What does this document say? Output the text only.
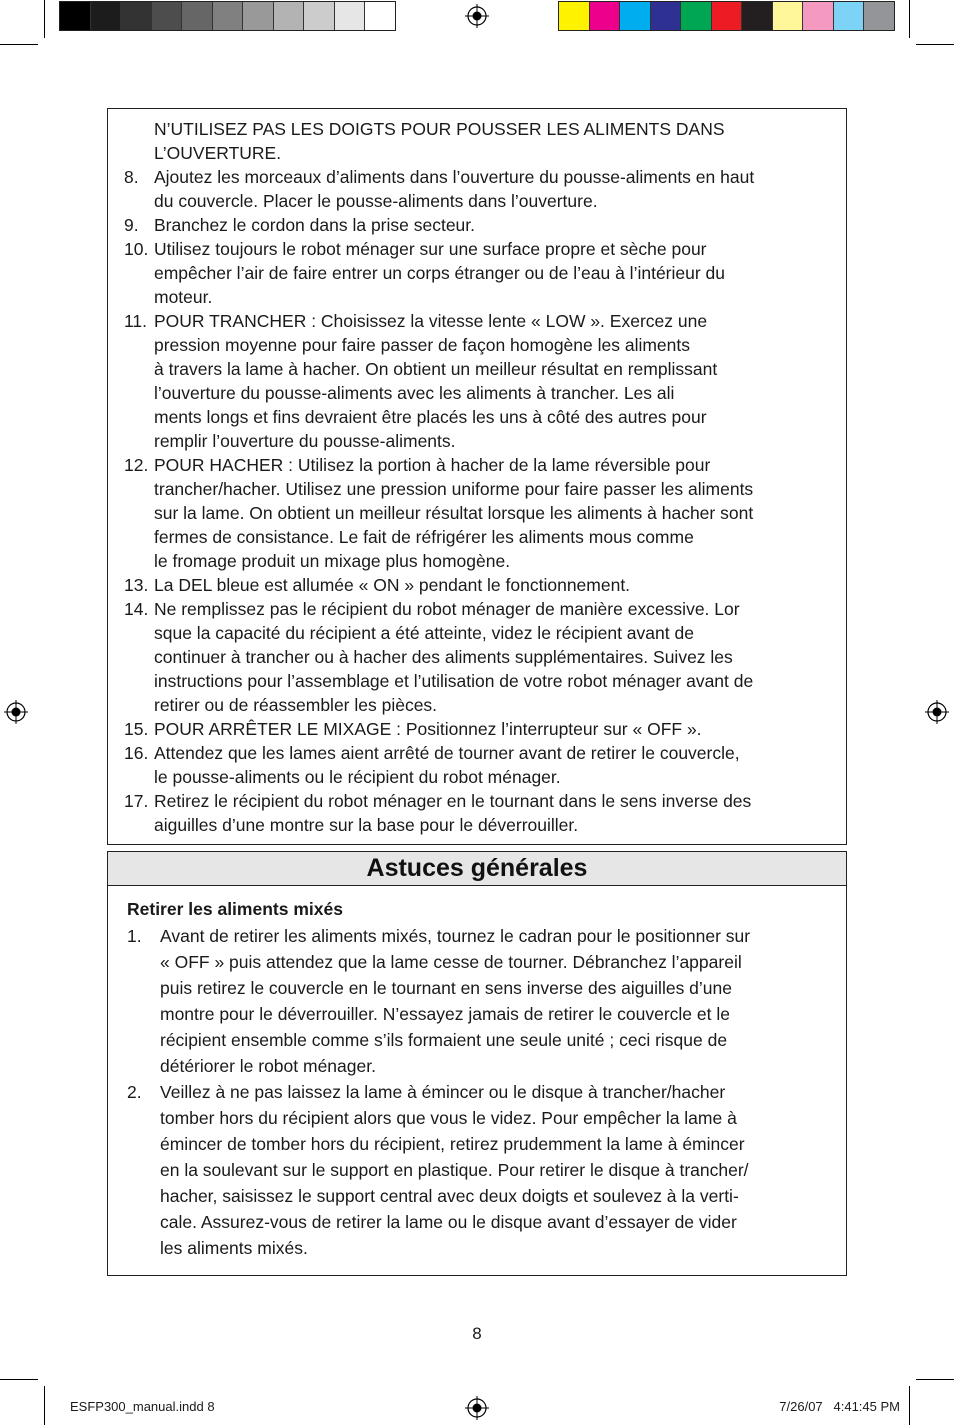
N’UTILISEZ PAS LES DOIGTS POUR POUSSER LES ALIMENTS DANS L’OUVERTURE.
8. Ajoutez les morceaux d’aliments dans l’ouverture du pousse-aliments en haut
du couvercle. Placer le pousse-aliments dans l’ouverture.
9. Branchez le cordon dans la prise secteur.
10. Utilisez toujours le robot ménager sur une surface propre et sèche pour
empêcher l’air de faire entrer un corps étranger ou de l’eau à l’intérieur du
moteur.
11. POUR TRANCHER : Choisissez la vitesse lente « LOW ». Exercez une
pression moyenne pour faire passer de façon homogène les aliments
à travers la lame à hacher. On obtient un meilleur résultat en remplissant
l’ouverture du pousse-aliments avec les aliments à trancher. Les ali
ments longs et fins devraient être placés les uns à côté des autres pour
remplir l’ouverture du pousse-aliments.
12. POUR HACHER : Utilisez la portion à hacher de la lame réversible pour
trancher/hacher. Utilisez une pression uniforme pour faire passer les aliments
sur la lame. On obtient un meilleur résultat lorsque les aliments à hacher sont
fermes de consistance. Le fait de réfrigérer les aliments mous comme
le fromage produit un mixage plus homogène.
13. La DEL bleue est allumée « ON » pendant le fonctionnement.
14. Ne remplissez pas le récipient du robot ménager de manière excessive. Lor
sque la capacité du récipient a été atteinte, videz le récipient avant de
continuer à trancher ou à hacher des aliments supplémentaires. Suivez les
instructions pour l’assemblage et l’utilisation de votre robot ménager avant de
retirer ou de réassembler les pièces.
15. POUR ARRÊTER LE MIXAGE : Positionnez l’interrupteur sur « OFF ».
16. Attendez que les lames aient arrêté de tourner avant de retirer le couvercle,
le pousse-aliments ou le récipient du robot ménager.
17. Retirez le récipient du robot ménager en le tournant dans le sens inverse des
aiguilles d’une montre sur la base pour le déverrouiller.
Astuces générales
Retirer les aliments mixés
1.	Avant de retirer les aliments mixés, tournez le cadran pour le positionner sur
« OFF » puis attendez que la lame cesse de tourner. Débranchez l’appareil
puis retirez le couvercle en le tournant en sens inverse des aiguilles d’une
montre pour le déverrouiller. N’essayez jamais de retirer le couvercle et le
récipient ensemble comme s’ils formaient une seule unité ; ceci risque de
détériorer le robot ménager.
2.	Veillez à ne pas laissez la lame à émincer ou le disque à trancher/hacher
tomber hors du récipient alors que vous le videz. Pour empêcher la lame à
émincer de tomber hors du récipient, retirez prudemment la lame à émincer
en la soulevant sur le support en plastique. Pour retirer le disque à trancher/
hacher, saisissez le support central avec deux doigts et soulevez à la verti-
cale. Assurez-vous de retirer la lame ou le disque avant d’essayer de vider
les aliments mixés.
8
ESFP300_manual.indd 8	7/26/07 4:41:45 PM
